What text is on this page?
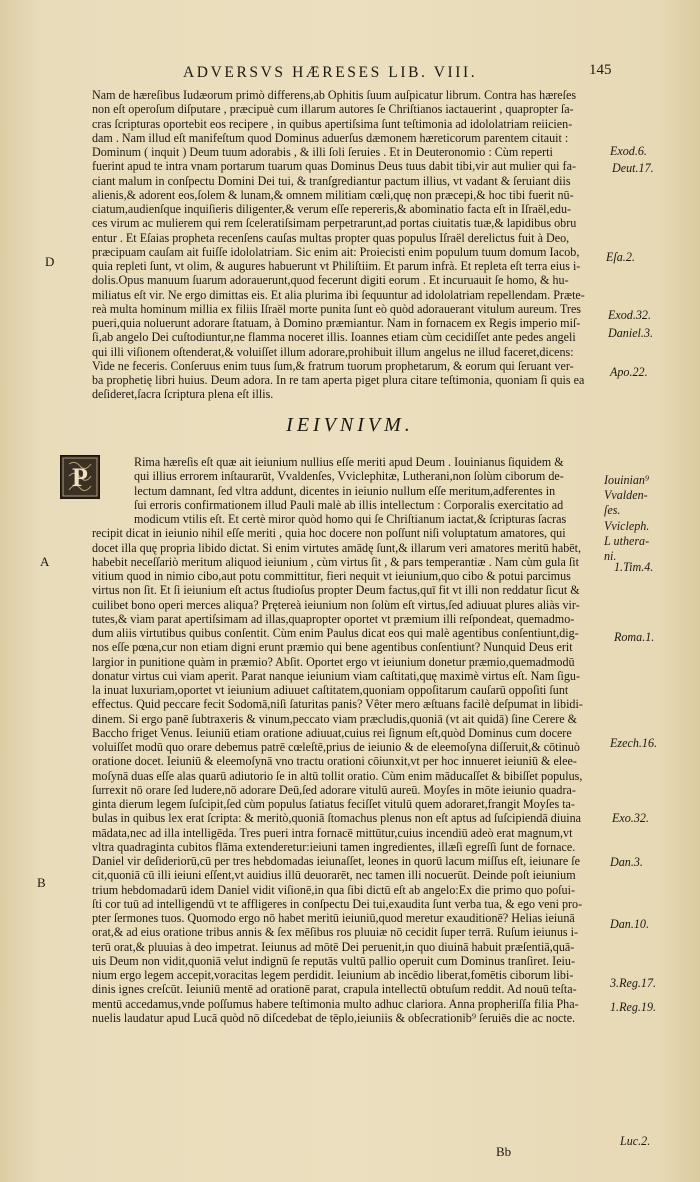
ADVERSVS HÆRESES LIB. VIII.	145
Nam de hæreſibus Iudæorum primò differens,ab Ophitis ſuum auſpicatur librum. Contra has hæreſes
non eſt operoſum diſputare , præcipuè cum illarum autores ſe Chriſtianos iactauerint , quapropter ſa-
cras ſcripturas oportebit eos recipere , in quibus apertiſsima ſunt teſtimonia ad idololatriam reiicien-
dam . Nam illud eſt manifeſtum quod Dominus aduerſus dæmonem hæreticorum parentem citauit :
Dominum ( inquit ) Deum tuum adorabis , & illi ſoli ſeruies . Et in Deuteronomio : Cùm reperti
fuerint apud te intra vnam portarum tuarum quas Dominus Deus tuus dabit tibi,vir aut mulier qui fa-
ciant malum in conſpectu Domini Dei tui, & tranſgrediantur pactum illius, vt vadant & ſeruiant diis
alienis,& adorent eos,ſolem & lunam,& omnem militiam cœli,quę non præcepi,& hoc tibi fuerit nū-
ciatum,audienſque inquiſieris diligenter,& verum eſſe repereris,& abominatio facta eſt in Iſraël,edu-
ces virum ac mulierem qui rem ſceleratiſsimam perpetrarunt,ad portas ciuitatis tuæ,& lapidibus obru
entur . Et Eſaias propheta recenſens cauſas multas propter quas populus Iſraël derelictus fuit à Deo,
præcipuam cauſam ait fuiſſe idololatriam. Sic enim ait: Proiecisti enim populum tuum domum Iacob,
quia repleti ſunt, vt olim, & augures habuerunt vt Philiſtiim. Et parum infrà. Et repleta eſt terra eius i-
dolis.Opus manuum ſuarum adorauerunt,quod fecerunt digiti eorum . Et incuruauit ſe homo, & hu-
miliatus eſt vir. Ne ergo dimittas eis. Et alia plurima ibi ſequuntur ad idololatriam repellendam. Præte-
reà multa hominum millia ex filiis Iſraël morte punita ſunt eò quòd adorauerant vitulum aureum. Tres
pueri,quia noluerunt adorare ſtatuam, à Domino præmiantur. Nam in fornacem ex Regis imperio miſ-
ſi,ab angelo Dei cuſtodiuntur,ne flamma noceret illis. Ioannes etiam cùm cecidiſſet ante pedes angeli
qui illi viſionem oſtenderat,& voluiſſet illum adorare,prohibuit illum angelus ne illud faceret,dicens:
Vide ne feceris. Conſeruus enim tuus ſum,& fratrum tuorum prophetarum, & eorum qui ſeruant ver-
ba prophetię libri huius. Deum adora. In re tam aperta piget plura citare teſtimonia, quoniam ſi quis ea
deſideret,ſacra ſcriptura plena eſt illis.
IEIVNIVM.
P
Rima hæreſis eſt quæ ait ieiunium nullius eſſe meriti apud Deum . Iouinianus ſiquidem &
qui illius errorem inſtaurarūt, Vvaldenſes, Vviclephitæ, Lutherani,non ſolùm ciborum de-
lectum damnant, ſed vltra addunt, dicentes in ieiunio nullum eſſe meritum,adferentes in
ſui erroris confirmationem illud Pauli malè ab illis intellectum : Corporalis exercitatio ad
modicum vtilis eſt. Et certè miror quòd homo qui ſe Chriſtianum iactat,& ſcripturas ſacras
recipit dicat in ieiunio nihil eſſe meriti , quia hoc docere non poſſunt niſi voluptatum amatores, qui
docet illa quę propria libido dictat. Si enim virtutes amādę ſunt,& illarum veri amatores meritū habēt,
habebit neceſſariò meritum aliquod ieiunium , cùm virtus ſit , & pars temperantiæ . Nam cùm gula ſit
vitium quod in nimio cibo,aut potu committitur, fieri nequit vt ieiunium,quo cibo & potui parcimus
virtus non ſit. Et ſi ieiunium eſt actus ſtudioſus propter Deum factus,quī fit vt illi non reddatur ſicut &
cuilibet bono operi merces aliqua? Prętereà ieiunium non ſolùm eſt virtus,ſed adiuuat plures aliàs vir-
tutes,& viam parat apertiſsimam ad illas,quapropter oportet vt præmium illi reſpondeat, quemadmo-
dum aliis virtutibus quibus conſentit. Cùm enim Paulus dicat eos qui malè agentibus conſentiunt,dig-
nos eſſe pœna,cur non etiam digni erunt præmio qui bene agentibus conſentiunt? Nunquid Deus erit
largior in punitione quàm in præmio? Abſit. Oportet ergo vt ieiunium donetur præmio,quemadmodū
donatur virtus cui viam aperit. Parat nanque ieiunium viam caſtitati,quę maximè virtus eſt. Nam ſigu-
la inuat luxuriam,oportet vt ieiunium adiuuet caſtitatem,quoniam oppoſitarum cauſarū oppoſiti ſunt
effectus. Quid peccare fecit Sodomā,niſi ſaturitas panis? Vêter mero æſtuans facilè deſpumat in libidi-
dinem. Si ergo panē ſubtraxeris & vinum,peccato viam præcludis,quoniā (vt ait quidā) ſine Cerere &
Baccho friget Venus. Ieiuniū etiam oratione adiuuat,cuius rei ſignum eſt,quòd Dominus cum docere
voluiſſet modū quo orare debemus patrē cœleſtē,prius de ieiunio & de eleemoſyna diſſeruit,& cōtinuò
oratione docet. Ieiuniū & eleemoſynā vno tractu orationi cōiunxit,vt per hoc innueret ieiuniū & elee-
moſynā duas eſſe alas quarū adiutorio ſe in altū tollit oratio. Cùm enim māducaſſet & bibiſſet populus,
ſurrexit nō orare ſed ludere,nō adorare Deū,ſed adorare vitulū aureū. Moyſes in mōte ieiunio quadra-
ginta dierum legem ſuſcipit,ſed cùm populus ſatiatus feciſſet vitulū quem adoraret,frangit Moyſes ta-
bulas in quibus lex erat ſcripta: & meritò,quoniā ſtomachus plenus non eſt aptus ad ſuſcipiendā diuina
mādata,nec ad illa intelligēda. Tres pueri intra fornacē mittūtur,cuius incendiū adeò erat magnum,vt
vltra quadraginta cubitos flāma extenderetur:ieiuni tamen ingredientes, illæſi egreſſi ſunt de fornace.
Daniel vir deſideriorū,cū per tres hebdomadas ieiunaſſet, leones in quorū lacum miſſus eſt, ieiunare ſe
cit,quoniā cū illi ieiuni eſſent,vt auidius illū deuorarēt, nec tamen illi nocuerūt. Deinde poſt ieiunium
trium hebdomadarū idem Daniel vidit viſionē,in qua ſibi dictū eſt ab angelo:Ex die primo quo poſui-
ſti cor tuū ad intelligendū vt te affligeres in conſpectu Dei tui,exaudita ſunt verba tua, & ego veni pro-
pter ſermones tuos. Quomodo ergo nō habet meritū ieiuniū,quod meretur exauditionē? Helias ieiunā
orat,& ad eius oratione tribus annis & ſex mēſibus ros pluuiæ nō cecidit ſuper terrā. Ruſum ieiunus i-
terū orat,& pluuias à deo impetrat. Ieiunus ad mōtē Dei peruenit,in quo diuinā habuit præſentiā,quā-
uis Deum non vidit,quoniā velut indignū ſe reputās vultū pallio operuit cum Dominus tranſiret. Ieiu-
nium ergo legem accepit,voracitas legem perdidit. Ieiunium ab incēdio liberat,fomētis ciborum libi-
dinis ignes creſcūt. Ieiuniū mentē ad orationē parat, crapula intellectū obtuſum reddit. Ad nouū teſta-
mentū accedamus,vnde poſſumus habere teſtimonia multo adhuc clariora. Anna propheriſſa filia Pha-
nuelis laudatur apud Lucā quòd nō diſcedebat de tēplo,ieiuniis & obſecrationib⁹ ſeruiēs die ac nocte.
Exod.6.
Deut.17.
Eſa.2.
Exod.32.
Daniel.3.
Apo.22.
Iouinian⁹
Vvalden-
ſes.
Vvicleph.
L uthera-
ni.
1.Tim.4.
Roma.1.
Ezech.16.
Exo.32.
Dan.3.
Dan.10.
3.Reg.17.
1.Reg.19.
Luc.2.
D
A
B
Bb
